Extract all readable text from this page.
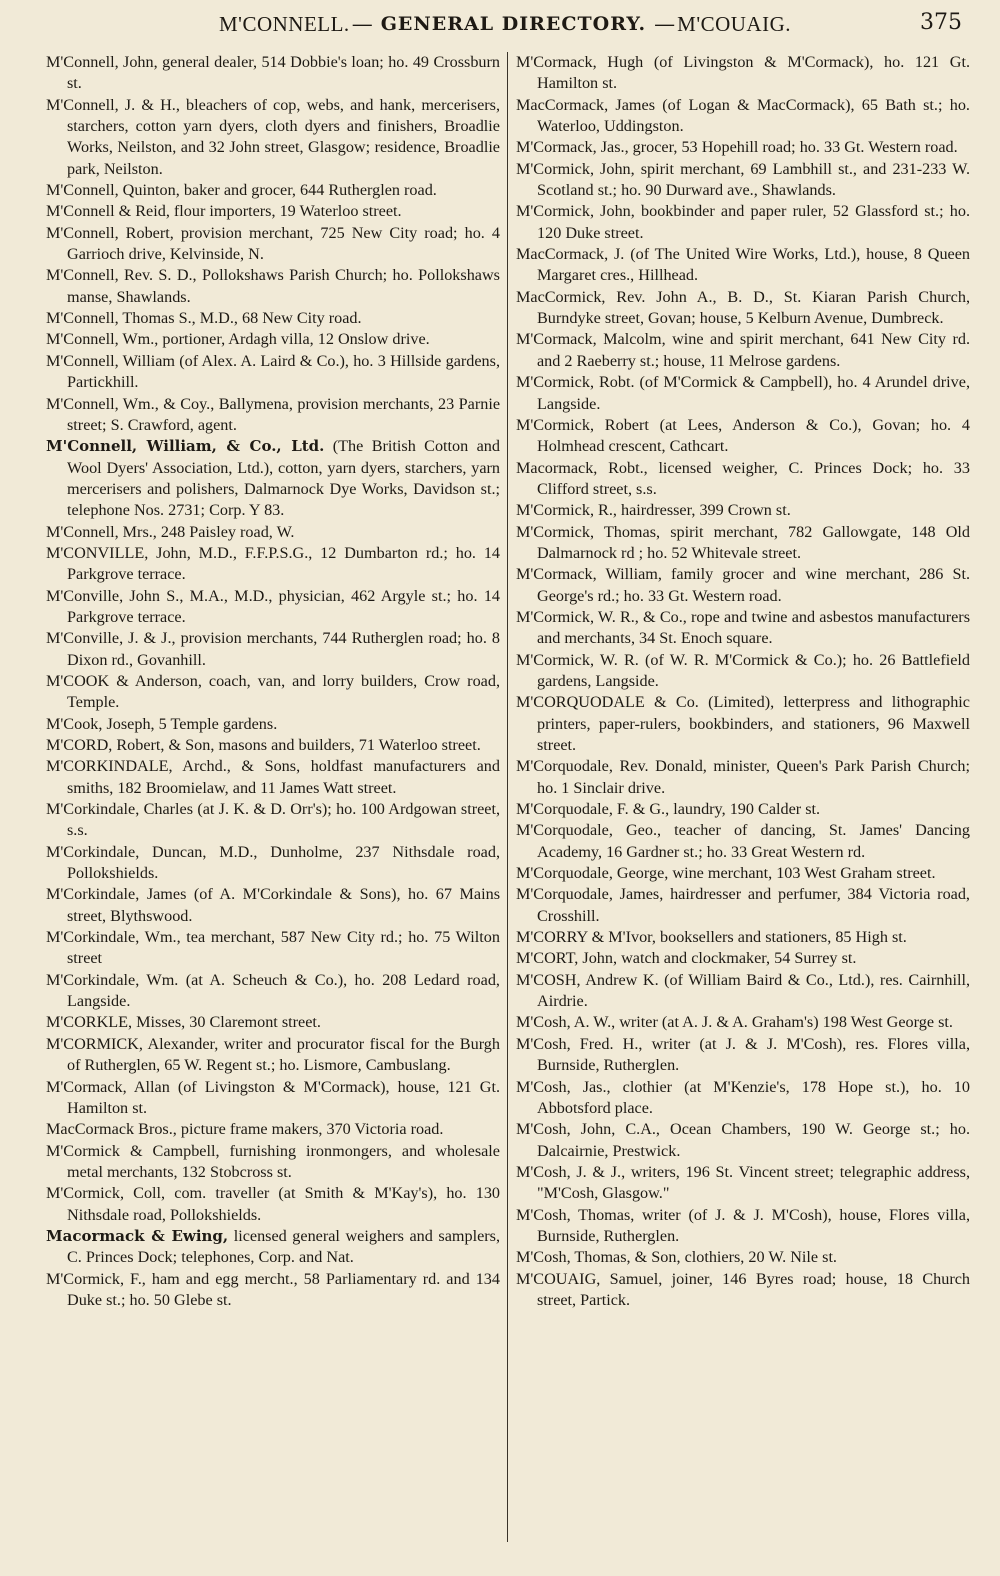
M'CONNELL. — GENERAL DIRECTORY. — M'COUAIG.	375

M'Connell, John, general dealer, 514 Dobbie's loan; ho. 49 Crossburn st.

M'Connell, J. & H., bleachers of cop, webs, and hank, mercerisers, starchers, cotton yarn dyers, cloth dyers and finishers, Broadlie Works, Neilston, and 32 John street, Glasgow; residence, Broadlie park, Neilston.

M'Connell, Quinton, baker and grocer, 644 Rutherglen road.

M'Connell & Reid, flour importers, 19 Waterloo street.

M'Connell, Robert, provision merchant, 725 New City road; ho. 4 Garrioch drive, Kelvinside, N.

M'Connell, Rev. S. D., Pollokshaws Parish Church; ho. Pollokshaws manse, Shawlands.

M'Connell, Thomas S., M.D., 68 New City road.

M'Connell, Wm., portioner, Ardagh villa, 12 Onslow drive.

M'Connell, William (of Alex. A. Laird & Co.), ho. 3 Hillside gardens, Partickhill.

M'Connell, Wm., & Coy., Ballymena, provision merchants, 23 Parnie street; S. Crawford, agent.

M'Connell, William, & Co., Ltd. (The British Cotton and Wool Dyers' Association, Ltd.), cotton, yarn dyers, starchers, yarn mercerisers and polishers, Dalmarnock Dye Works, Davidson st.; telephone Nos. 2731; Corp. Y 83.

M'Connell, Mrs., 248 Paisley road, W.

M'CONVILLE, John, M.D., F.F.P.S.G., 12 Dumbarton rd.; ho. 14 Parkgrove terrace.

M'Conville, John S., M.A., M.D., physician, 462 Argyle st.; ho. 14 Parkgrove terrace.

M'Conville, J. & J., provision merchants, 744 Rutherglen road; ho. 8 Dixon rd., Govanhill.

M'COOK & Anderson, coach, van, and lorry builders, Crow road, Temple.

M'Cook, Joseph, 5 Temple gardens.

M'CORD, Robert, & Son, masons and builders, 71 Waterloo street.

M'CORKINDALE, Archd., & Sons, holdfast manufacturers and smiths, 182 Broomielaw, and 11 James Watt street.

M'Corkindale, Charles (at J. K. & D. Orr's); ho. 100 Ardgowan street, s.s.

M'Corkindale, Duncan, M.D., Dunholme, 237 Nithsdale road, Pollokshields.

M'Corkindale, James (of A. M'Corkindale & Sons), ho. 67 Mains street, Blythswood.

M'Corkindale, Wm., tea merchant, 587 New City rd.; ho. 75 Wilton street

M'Corkindale, Wm. (at A. Scheuch & Co.), ho. 208 Ledard road, Langside.

M'CORKLE, Misses, 30 Claremont street.

M'CORMICK, Alexander, writer and procurator fiscal for the Burgh of Rutherglen, 65 W. Regent st.; ho. Lismore, Cambuslang.

M'Cormack, Allan (of Livingston & M'Cormack), house, 121 Gt. Hamilton st.

MacCormack Bros., picture frame makers, 370 Victoria road.

M'Cormick & Campbell, furnishing ironmongers, and wholesale metal merchants, 132 Stobcross st.

M'Cormick, Coll, com. traveller (at Smith & M'Kay's), ho. 130 Nithsdale road, Pollokshields.

Macormack & Ewing, licensed general weighers and samplers, C. Princes Dock; telephones, Corp. and Nat.

M'Cormick, F., ham and egg mercht., 58 Parliamentary rd. and 134 Duke st.; ho. 50 Glebe st.

M'Cormack, Hugh (of Livingston & M'Cormack), ho. 121 Gt. Hamilton st.

MacCormack, James (of Logan & MacCormack), 65 Bath st.; ho. Waterloo, Uddingston.

M'Cormack, Jas., grocer, 53 Hopehill road; ho. 33 Gt. Western road.

M'Cormick, John, spirit merchant, 69 Lambhill st., and 231-233 W. Scotland st.; ho. 90 Durward ave., Shawlands.

M'Cormick, John, bookbinder and paper ruler, 52 Glassford st.; ho. 120 Duke street.

MacCormack, J. (of The United Wire Works, Ltd.), house, 8 Queen Margaret cres., Hillhead.

MacCormick, Rev. John A., B. D., St. Kiaran Parish Church, Burndyke street, Govan; house, 5 Kelburn Avenue, Dumbreck.

M'Cormack, Malcolm, wine and spirit merchant, 641 New City rd. and 2 Raeberry st.; house, 11 Melrose gardens.

M'Cormick, Robt. (of M'Cormick & Campbell), ho. 4 Arundel drive, Langside.

M'Cormick, Robert (at Lees, Anderson & Co.), Govan; ho. 4 Holmhead crescent, Cathcart.

Macormack, Robt., licensed weigher, C. Princes Dock; ho. 33 Clifford street, s.s.

M'Cormick, R., hairdresser, 399 Crown st.

M'Cormick, Thomas, spirit merchant, 782 Gallowgate, 148 Old Dalmarnock rd ; ho. 52 Whitevale street.

M'Cormack, William, family grocer and wine merchant, 286 St. George's rd.; ho. 33 Gt. Western road.

M'Cormick, W. R., & Co., rope and twine and asbestos manufacturers and merchants, 34 St. Enoch square.

M'Cormick, W. R. (of W. R. M'Cormick & Co.); ho. 26 Battlefield gardens, Langside.

M'CORQUODALE & Co. (Limited), letterpress and lithographic printers, paper-rulers, bookbinders, and stationers, 96 Maxwell street.

M'Corquodale, Rev. Donald, minister, Queen's Park Parish Church; ho. 1 Sinclair drive.

M'Corquodale, F. & G., laundry, 190 Calder st.

M'Corquodale, Geo., teacher of dancing, St. James' Dancing Academy, 16 Gardner st.; ho. 33 Great Western rd.

M'Corquodale, George, wine merchant, 103 West Graham street.

M'Corquodale, James, hairdresser and perfumer, 384 Victoria road, Crosshill.

M'CORRY & M'Ivor, booksellers and stationers, 85 High st.

M'CORT, John, watch and clockmaker, 54 Surrey st.

M'COSH, Andrew K. (of William Baird & Co., Ltd.), res. Cairnhill, Airdrie.

M'Cosh, A. W., writer (at A. J. & A. Graham's) 198 West George st.

M'Cosh, Fred. H., writer (at J. & J. M'Cosh), res. Flores villa, Burnside, Rutherglen.

M'Cosh, Jas., clothier (at M'Kenzie's, 178 Hope st.), ho. 10 Abbotsford place.

M'Cosh, John, C.A., Ocean Chambers, 190 W. George st.; ho. Dalcairnie, Prestwick.

M'Cosh, J. & J., writers, 196 St. Vincent street; telegraphic address, "M'Cosh, Glasgow."

M'Cosh, Thomas, writer (of J. & J. M'Cosh), house, Flores villa, Burnside, Rutherglen.

M'Cosh, Thomas, & Son, clothiers, 20 W. Nile st.

M'COUAIG, Samuel, joiner, 146 Byres road; house, 18 Church street, Partick.
